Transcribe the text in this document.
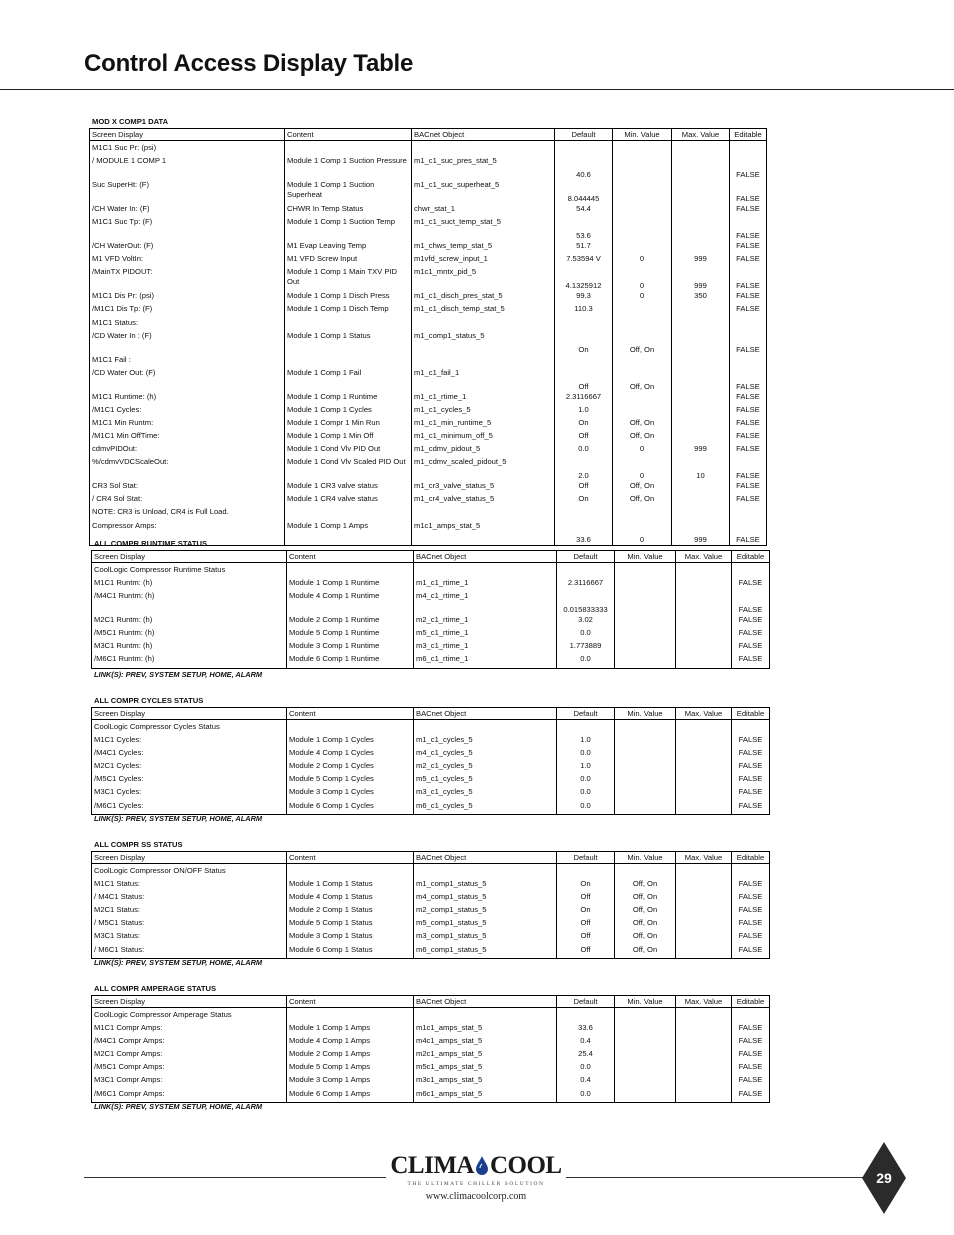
Control Access Display Table
MOD X COMP1 DATA
Screen Display	Content	BACnet Object	Default	Min. Value	Max. Value	Editable
M1C1 Suc Pr: (psi)						
/ MODULE 1 COMP 1	Module 1 Comp 1 Suction Pressure	m1_c1_suc_pres_stat_5	40.6			FALSE
Suc SuperHt: (F)	Module 1 Comp 1 Suction Superheat	m1_c1_suc_superheat_5	8.044445			FALSE
/CH Water In: (F)	CHWR In Temp Status	chwr_stat_1	54.4			FALSE
M1C1 Suc Tp: (F)	Module 1 Comp 1 Suction Temp	m1_c1_suct_temp_stat_5	53.6			FALSE
/CH WaterOut: (F)	M1 Evap Leaving Temp	m1_chws_temp_stat_5	51.7			FALSE
M1 VFD VoltIn:	M1 VFD Screw Input	m1vfd_screw_input_1	7.53594 V	0	999	FALSE
/MainTX PIDOUT:	Module 1 Comp 1 Main TXV PID Out	m1c1_mntx_pid_5	4.1325912	0	999	FALSE
M1C1 Dis Pr: (psi)	Module 1 Comp 1 Disch Press	m1_c1_disch_pres_stat_5	99.3	0	350	FALSE
/M1C1 Dis Tp: (F)	Module 1 Comp 1 Disch Temp	m1_c1_disch_temp_stat_5	110.3			FALSE
M1C1 Status:						
/CD Water In : (F)	Module 1 Comp 1 Status	m1_comp1_status_5	On	Off, On		FALSE
M1C1 Fail :						
/CD Water Out: (F)	Module 1 Comp 1 Fail	m1_c1_fail_1	Off	Off, On		FALSE
M1C1 Runtime: (h)	Module 1 Comp 1 Runtime	m1_c1_rtime_1	2.3116667			FALSE
/M1C1 Cycles:	Module 1 Comp 1 Cycles	m1_c1_cycles_5	1.0			FALSE
M1C1 Min Runtm:	Module 1 Compr 1 Min Run	m1_c1_min_runtime_5	On	Off, On		FALSE
/M1C1 Min OffTime:	Module 1 Comp 1 Min Off	m1_c1_minimum_off_5	Off	Off, On		FALSE
cdmvPIDOut:	Module 1 Cond Vlv PID Out	m1_cdmv_pidout_5	0.0	0	999	FALSE
%/cdmvVDCScaleOut:	Module 1 Cond Vlv Scaled PID Out	m1_cdmv_scaled_pidout_5	2.0	0	10	FALSE
CR3 Sol Stat:	Module 1 CR3 valve status	m1_cr3_valve_status_5	Off	Off, On		FALSE
/ CR4 Sol Stat:	Module 1 CR4 valve status	m1_cr4_valve_status_5	On	Off, On		FALSE
NOTE: CR3 is Unload, CR4 is Full Load.						
Compressor Amps:	Module 1 Comp 1 Amps	m1c1_amps_stat_5	33.6	0	999	FALSE
ALL COMPR RUNTIME STATUS
Screen Display	Content	BACnet Object	Default	Min. Value	Max. Value	Editable
CoolLogic Compressor Runtime Status						
M1C1 Runtm: (h)	Module 1 Comp 1 Runtime	m1_c1_rtime_1	2.3116667			FALSE
/M4C1 Runtm: (h)	Module 4 Comp 1 Runtime	m4_c1_rtime_1	0.015833333			FALSE
M2C1 Runtm: (h)	Module 2 Comp 1 Runtime	m2_c1_rtime_1	3.02			FALSE
/M5C1 Runtm: (h)	Module 5 Comp 1 Runtime	m5_c1_rtime_1	0.0			FALSE
M3C1 Runtm: (h)	Module 3 Comp 1 Runtime	m3_c1_rtime_1	1.773889			FALSE
/M6C1 Runtm: (h)	Module 6 Comp 1 Runtime	m6_c1_rtime_1	0.0			FALSE
LINK(S): PREV, SYSTEM SETUP, HOME, ALARM
ALL COMPR CYCLES STATUS
Screen Display	Content	BACnet Object	Default	Min. Value	Max. Value	Editable
CoolLogic Compressor Cycles Status						
M1C1 Cycles:	Module 1 Comp 1 Cycles	m1_c1_cycles_5	1.0			FALSE
/M4C1 Cycles:	Module 4 Comp 1 Cycles	m4_c1_cycles_5	0.0			FALSE
M2C1 Cycles:	Module 2 Comp 1 Cycles	m2_c1_cycles_5	1.0			FALSE
/M5C1 Cycles:	Module 5 Comp 1 Cycles	m5_c1_cycles_5	0.0			FALSE
M3C1 Cycles:	Module 3 Comp 1 Cycles	m3_c1_cycles_5	0.0			FALSE
/M6C1 Cycles:	Module 6 Comp 1 Cycles	m6_c1_cycles_5	0.0			FALSE
LINK(S): PREV, SYSTEM SETUP, HOME, ALARM
ALL COMPR SS STATUS
Screen Display	Content	BACnet Object	Default	Min. Value	Max. Value	Editable
CoolLogic Compressor ON/OFF Status						
M1C1 Status:	Module 1 Comp 1 Status	m1_comp1_status_5	On	Off, On		FALSE
/ M4C1 Status:	Module 4 Comp 1 Status	m4_comp1_status_5	Off	Off, On		FALSE
M2C1 Status:	Module 2 Comp 1 Status	m2_comp1_status_5	On	Off, On		FALSE
/ M5C1 Status:	Module 5 Comp 1 Status	m5_comp1_status_5	Off	Off, On		FALSE
M3C1 Status:	Module 3 Comp 1 Status	m3_comp1_status_5	Off	Off, On		FALSE
/ M6C1 Status:	Module 6 Comp 1 Status	m6_comp1_status_5	Off	Off, On		FALSE
LINK(S): PREV, SYSTEM SETUP, HOME, ALARM
ALL COMPR AMPERAGE STATUS
Screen Display	Content	BACnet Object	Default	Min. Value	Max. Value	Editable
CoolLogic Compressor Amperage Status						
M1C1 Compr Amps:	Module 1 Comp 1 Amps	m1c1_amps_stat_5	33.6			FALSE
/M4C1 Compr Amps:	Module 4 Comp 1 Amps	m4c1_amps_stat_5	0.4			FALSE
M2C1 Compr Amps:	Module 2 Comp 1 Amps	m2c1_amps_stat_5	25.4			FALSE
/M5C1 Compr Amps:	Module 5 Comp 1 Amps	m5c1_amps_stat_5	0.0			FALSE
M3C1 Compr Amps:	Module 3 Comp 1 Amps	m3c1_amps_stat_5	0.4			FALSE
/M6C1 Compr Amps:	Module 6 Comp 1 Amps	m6c1_amps_stat_5	0.0			FALSE
LINK(S): PREV, SYSTEM SETUP, HOME, ALARM
CLIMA COOL
THE ULTIMATE CHILLER SOLUTION
www.climacoolcorp.com
29
